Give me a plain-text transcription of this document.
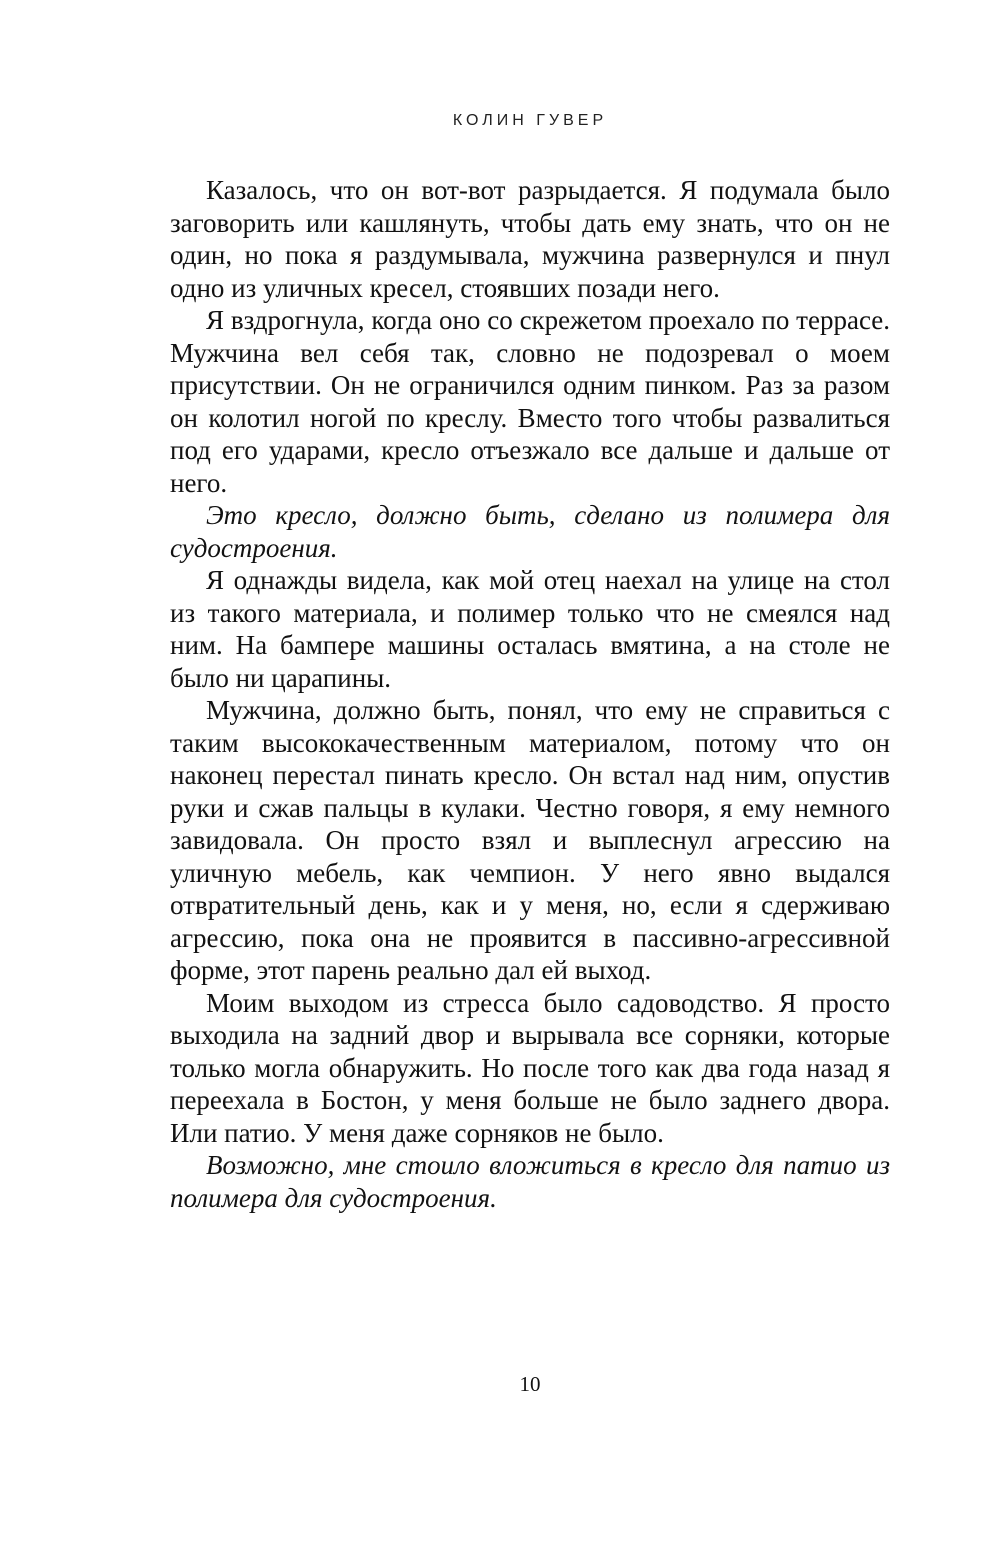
КОЛИН ГУВЕР

Казалось, что он вот-вот разрыдается. Я подумала было заговорить или кашлянуть, чтобы дать ему знать, что он не один, но пока я раздумывала, мужчина развернулся и пнул одно из уличных кресел, стоявших позади него.

Я вздрогнула, когда оно со скрежетом проехало по террасе. Мужчина вел себя так, словно не подозревал о моем присутствии. Он не ограничился одним пинком. Раз за разом он колотил ногой по креслу. Вместо того чтобы развалиться под его ударами, кресло отъезжало все дальше и дальше от него.

Это кресло, должно быть, сделано из полимера для судостроения.

Я однажды видела, как мой отец наехал на улице на стол из такого материала, и полимер только что не смеялся над ним. На бампере машины осталась вмятина, а на столе не было ни царапины.

Мужчина, должно быть, понял, что ему не справиться с таким высококачественным материалом, потому что он наконец перестал пинать кресло. Он встал над ним, опустив руки и сжав пальцы в кулаки. Честно говоря, я ему немного завидовала. Он просто взял и выплеснул агрессию на уличную мебель, как чемпион. У него явно выдался отвратительный день, как и у меня, но, если я сдерживаю агрессию, пока она не проявится в пассивно-агрессивной форме, этот парень реально дал ей выход.

Моим выходом из стресса было садоводство. Я просто выходила на задний двор и вырывала все сорняки, которые только могла обнаружить. Но после того как два года назад я переехала в Бостон, у меня больше не было заднего двора. Или патио. У меня даже сорняков не было.

Возможно, мне стоило вложиться в кресло для патио из полимера для судостроения.

10
